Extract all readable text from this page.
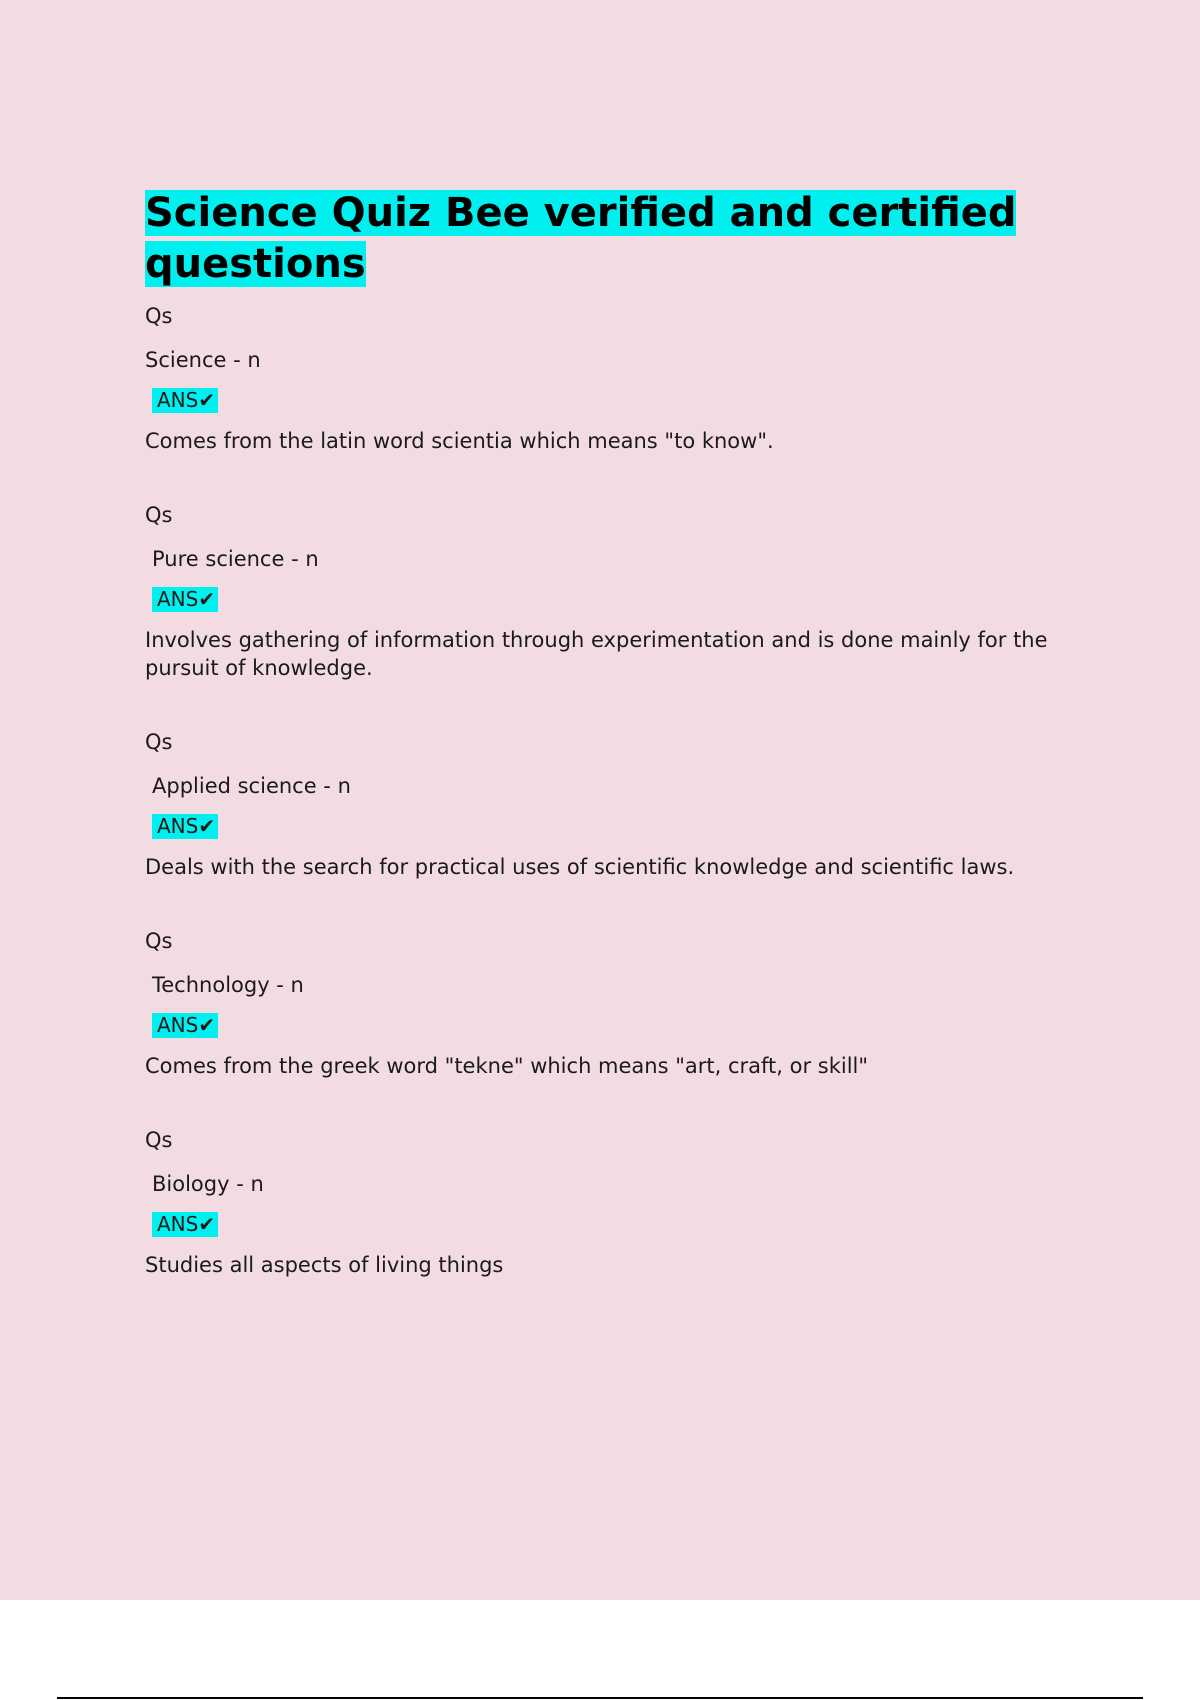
Science Quiz Bee verified and certified questions
Qs
Science - n
ANS✔
Comes from the latin word scientia which means "to know".
Qs
Pure science - n
ANS✔
Involves gathering of information through experimentation and is done mainly for the pursuit of knowledge.
Qs
Applied science - n
ANS✔
Deals with the search for practical uses of scientific knowledge and scientific laws.
Qs
Technology - n
ANS✔
Comes from the greek word "tekne" which means "art, craft, or skill"
Qs
Biology - n
ANS✔
Studies all aspects of living things
